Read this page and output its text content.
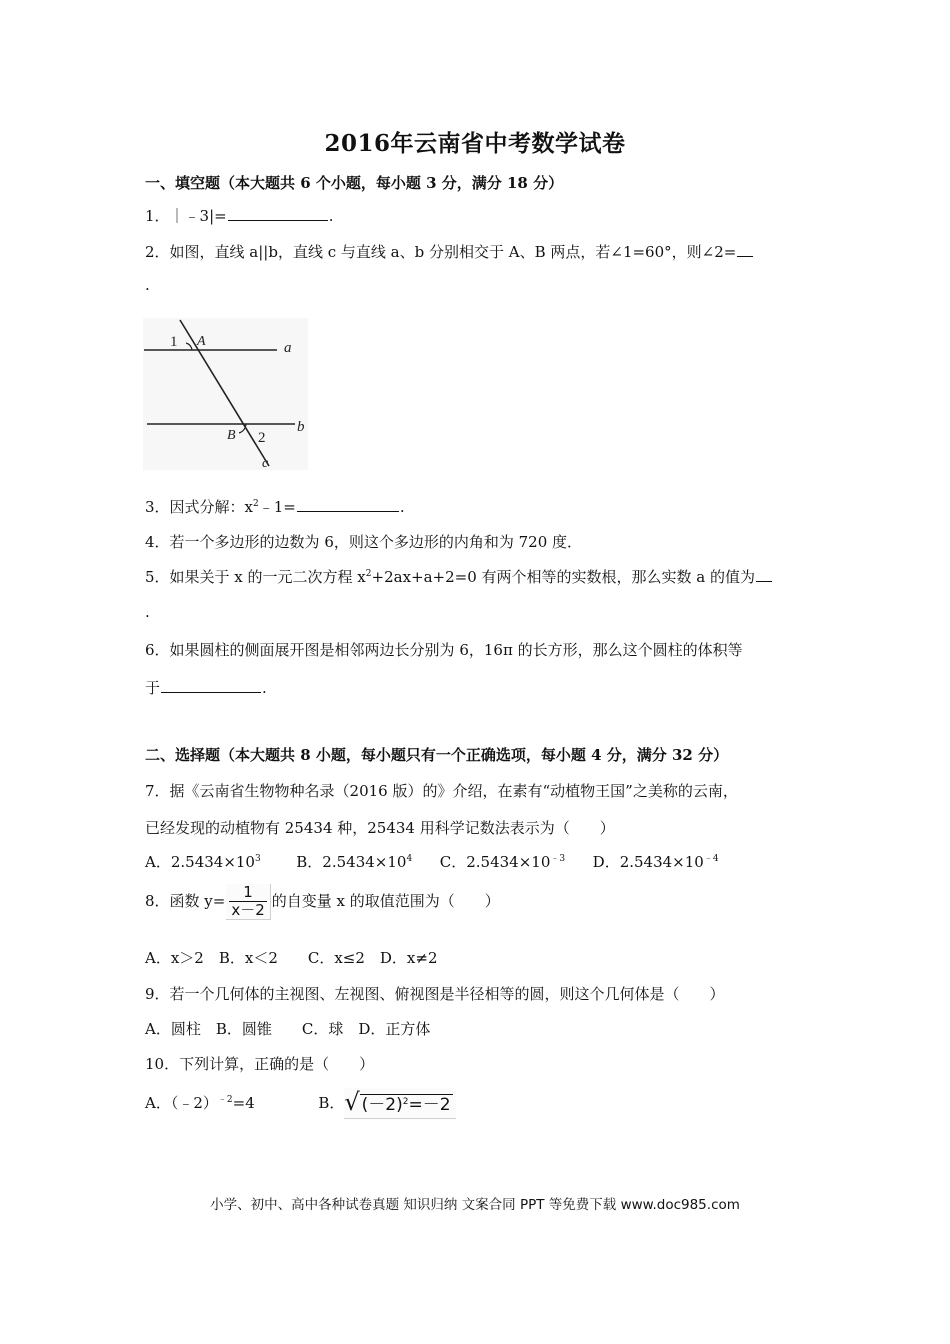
2016年云南省中考数学试卷
一、填空题（本大题共 6 个小题，每小题 3 分，满分 18 分）
1．｜﹣3|=	.
2．如图，直线 a||b，直线 c 与直线 a、b 分别相交于 A、B 两点，若∠1=60°，则∠2=
.
1 A	a
B 2
b
c
3．因式分解：$x^2﹣1=$	.
4．若一个多边形的边数为 6，则这个多边形的内角和为 720 度．
5．如果关于 x 的一元二次方程 $x^2+2ax+a+2=0$ 有两个相等的实数根，那么实数 a 的值为
.
6．如果圆柱的侧面展开图是相邻两边长分别为 6，16π 的长方形，那么这个圆柱的体积等
于	.
二、选择题（本大题共 8 小题，每小题只有一个正确选项，每小题 4 分，满分 32 分）
7．据《云南省生物物种名录（2016 版）的》介绍，在素有“动植物王国”之美称的云南，
已经发现的动植物有 25434 种，25434 用科学记数法表示为（　　）
A．$2.5434\times 10^3$ B．$2.5434\times 10^4$ C．$2.5434\times 10^{﹣3}$ D．$2.5434\times 10^{﹣4}$
8．函数 $y= \frac{1}{x-2}$ 的自变量 x 的取值范围为（　　）
A．x＞2　B．x＜2　　C．x≤2　D．x≠2
9．若一个几何体的主视图、左视图、俯视图是半径相等的圆，则这个几何体是（　　）
A．圆柱　B．圆锥　　C．球　D．正方体
10．下列计算，正确的是（　　）
A．（﹣2）$^{﹣2}$=4	B．√ $(-2)^2=-2$
小学、初中、高中各种试卷真题 知识归纳 文案合同 PPT 等免费下载 www.doc985.com
